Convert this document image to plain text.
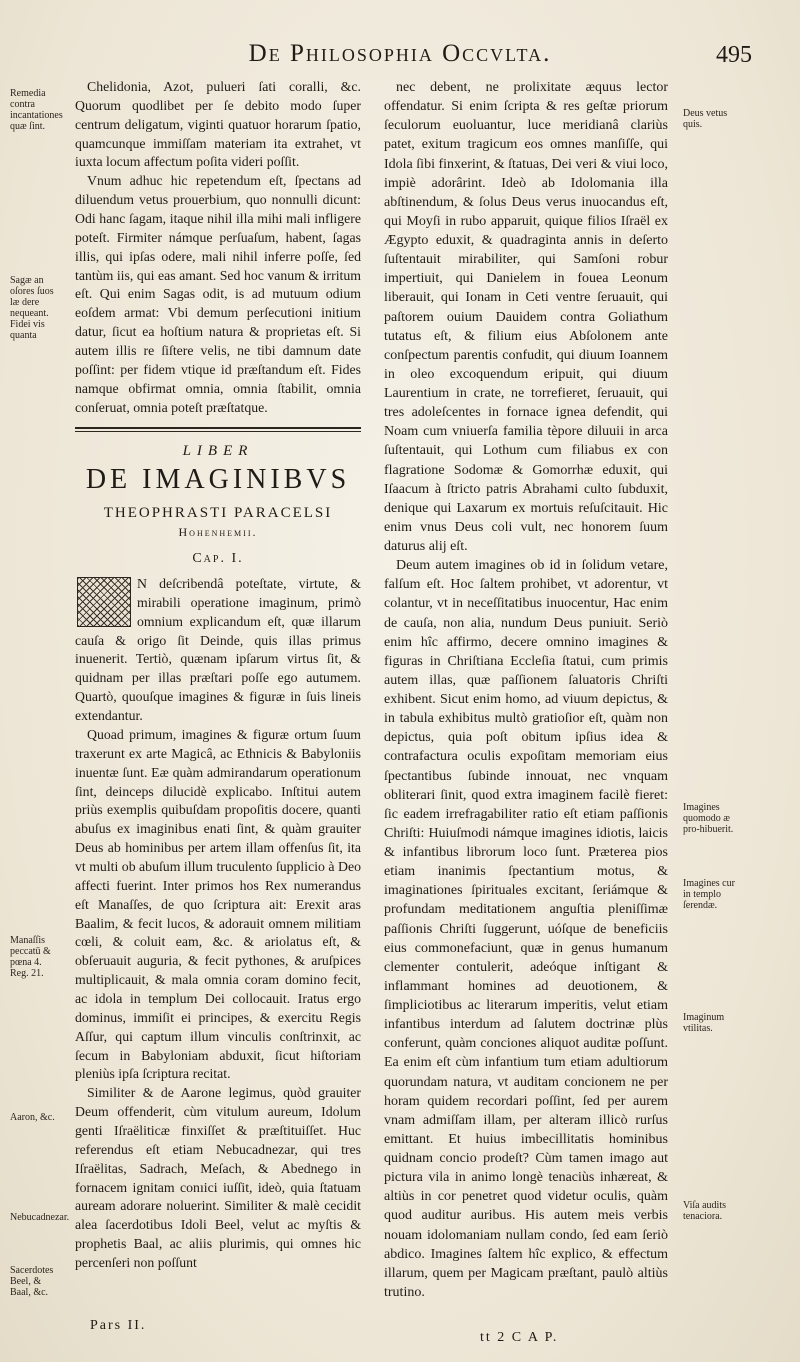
De Philosophia Occvlta.	495

Chelidonia, Azot, pulueri ſati coralli, &c. Quorum quodlibet per ſe debito modo ſuper centrum deligatum, viginti quatuor horarum ſpatio, quamcunque immiſſam materiam ita extrahet, vt iuxta locum affectum poſita videri poſſit.

Vnum adhuc hic repetendum eſt, ſpectans ad diluendum vetus prouerbium, quo nonnulli dicunt: Odi hanc ſagam, itaque nihil illa mihi mali infligere poteſt. Firmiter námque perſuaſum, habent, ſagas illis, qui ipſas odere, mali nihil inferre poſſe, ſed tantùm iis, qui eas amant. Sed hoc vanum & irritum eſt. Qui enim Sagas odit, is ad mutuum odium eoſdem armat: Vbi demum perſecutioni initium datur, ſicut ea hoſtium natura & proprietas eſt. Si autem illis re ſiſtere velis, ne tibi damnum date poſſint: per fidem vtique id præſtandum eſt. Fides namque obfirmat omnia, omnia ſtabilit, omnia conſeruat, omnia poteſt præſtatque.

LIBER
DE IMAGINIBVS
THEOPHRASTI PARACELSI
Hohenhemii.
Cap. I.

N deſcribendâ poteſtate, virtute, & mirabili operatione imaginum, primò omnium explicandum eſt, quæ illarum cauſa & origo ſit Deinde, quis illas primus inuenerit. Tertiò, quænam ipſarum virtus ſit, & quidnam per illas præſtari poſſe ego autumem. Quartò, quouſque imagines & figuræ in ſuis lineis extendantur.

Quoad primum, imagines & figuræ ortum ſuum traxerunt ex arte Magicâ, ac Ethnicis & Babyloniis inuentæ ſunt. Eæ quàm admirandarum operationum ſint, deinceps dilucidè explicabo. Inſtitui autem priùs exemplis quibuſdam propoſitis docere, quanti abuſus ex imaginibus enati ſint, & quàm grauiter Deus ab hominibus per artem illam offenſus ſit, ita vt multi ob abuſum illum truculento ſupplicio à Deo affecti fuerint. Inter primos hos Rex numerandus eſt Manaſſes, de quo ſcriptura ait: Erexit aras Baalim, & fecit lucos, & adorauit omnem militiam cœli, & coluit eam, &c. & ariolatus eſt, & obſeruauit auguria, & fecit pythones, & aruſpices multiplicauit, & mala omnia coram domino fecit, ac idola in templum Dei collocauit. Iratus ergo dominus, immiſit ei principes, & exercitu Regis Aſſur, qui captum illum vinculis conſtrinxit, ac ſecum in Babyloniam abduxit, ſicut hiſtoriam pleniùs ipſa ſcriptura recitat.

Similiter & de Aarone legimus, quòd grauiter Deum offenderit, cùm vitulum aureum, Idolum genti Iſraëliticæ finxiſſet & præſtituiſſet. Huc referendus eſt etiam Nebucadnezar, qui tres Iſraëlitas, Sadrach, Meſach, & Abednego in fornacem ignitam conıici iuſſit, ideò, quia ſtatuam auream adorare noluerint. Similiter & malè cecidit alea ſacerdotibus Idoli Beel, velut ac myſtis & prophetis Baal, ac aliis plurimis, qui omnes hic percenſeri non poſſunt

nec debent, ne prolixitate æquus lector offendatur. Si enim ſcripta & res geſtæ priorum ſeculorum euoluantur, luce meridianâ clariùs patet, exitum tragicum eos omnes manſiſſe, qui Idola ſibi finxerint, & ſtatuas, Dei veri & viui loco, impiè adorârint. Ideò ab Idolomania illa abſtinendum, & ſolus Deus verus inuocandus eſt, qui Moyſi in rubo apparuit, quique filios Iſraël ex Ægypto eduxit, & quadraginta annis in deſerto ſuſtentauit mirabiliter, qui Samſoni robur impertiuit, qui Danielem in fouea Leonum liberauit, qui Ionam in Ceti ventre ſeruauit, qui paſtorem ouium Dauidem contra Goliathum tutatus eſt, & filium eius Abſolonem ante conſpectum parentis confudit, qui diuum Ioannem in oleo excoquendum eripuit, qui diuum Laurentium in crate, ne torrefieret, ſeruauit, qui tres adoleſcentes in fornace ignea defendit, qui Noam cum vniuerſa familia tèpore diluuii in arca ſuſtentauit, qui Lothum cum filiabus ex con flagratione Sodomæ & Gomorrhæ eduxit, qui Iſaacum à ſtricto patris Abrahami culto ſubduxit, denique qui Laxarum ex mortuis reſuſcitauit. Hic enim vnus Deus coli vult, nec honorem ſuum daturus alij eſt.

Deum autem imagines ob id in ſolidum vetare, falſum eſt. Hoc ſaltem prohibet, vt adorentur, vt colantur, vt in neceſſitatibus inuocentur, Hac enim de cauſa, non alia, nundum Deus puniuit. Seriò enim hîc affirmo, decere omnino imagines & figuras in Chriſtiana Eccleſia ſtatui, cum primis autem illas, quæ paſſionem ſaluatoris Chriſti exhibent. Sicut enim homo, ad viuum depictus, & in tabula exhibitus multò gratioſior eſt, quàm non depictus, quia poſt obitum ipſius idea & contrafactura oculis expoſitam memoriam eius ſpectantibus ſubinde innouat, nec vnquam obliterari ſinit, quod extra imaginem facilè fieret: ſic eadem irrefragabiliter ratio eſt etiam paſſionis Chriſti: Huiuſmodi námque imagines idiotis, laicis & infantibus librorum loco ſunt. Præterea pios etiam inanimis ſpectantium motus, & imaginationes ſpirituales excitant, ſeriámque & profundam meditationem anguſtia pleniſſimæ paſſionis Chriſti ſuggerunt, uóſque de beneficiis eius commonefaciunt, quæ in genus humanum clementer contulerit, adeóque inſtigant & inflammant homines ad deuotionem, & ſimpliciotibus ac literarum imperitis, velut etiam infantibus interdum ad ſalutem doctrinæ plùs conferunt, quàm conciones aliquot auditæ poſſunt. Ea enim eſt cùm infantium tum etiam adultiorum quorundam natura, vt auditam concionem ne per horam quidem recordari poſſint, ſed per aurem vnam admiſſam illam, per alteram illicò rurſus emittant. Et huius imbecillitatis hominibus quidnam concio prodeſt? Cùm tamen imago aut pictura vila in animo longè tenaciùs inhæreat, & altiùs in cor penetret quod videtur oculis, quàm quod auditur auribus. His autem meis verbis nouam idolomaniam nullam condo, ſed eam ſeriò abdico. Imagines ſaltem hîc explico, & effectum illarum, quem per Magicam præſtant, paulò altiùs trutino.

Remedia contra incantationes quæ ſint.
Sagæ an oſores ſuos læ dere nequeant. Fidei vis quanta
Manaſſis peccatū & pœna 4. Reg. 21.
Aaron, &c.
Nebucadnezar.
Sacerdotes Beel, & Baal, &c.
Deus vetus quis.
Imagines quomodo æ pro-hibuerit.
Imagines cur in templo ſerendæ.
Imaginum vtilitas.
Viſa audits tenaciora.
Pars II.
tt 2 C A P.
